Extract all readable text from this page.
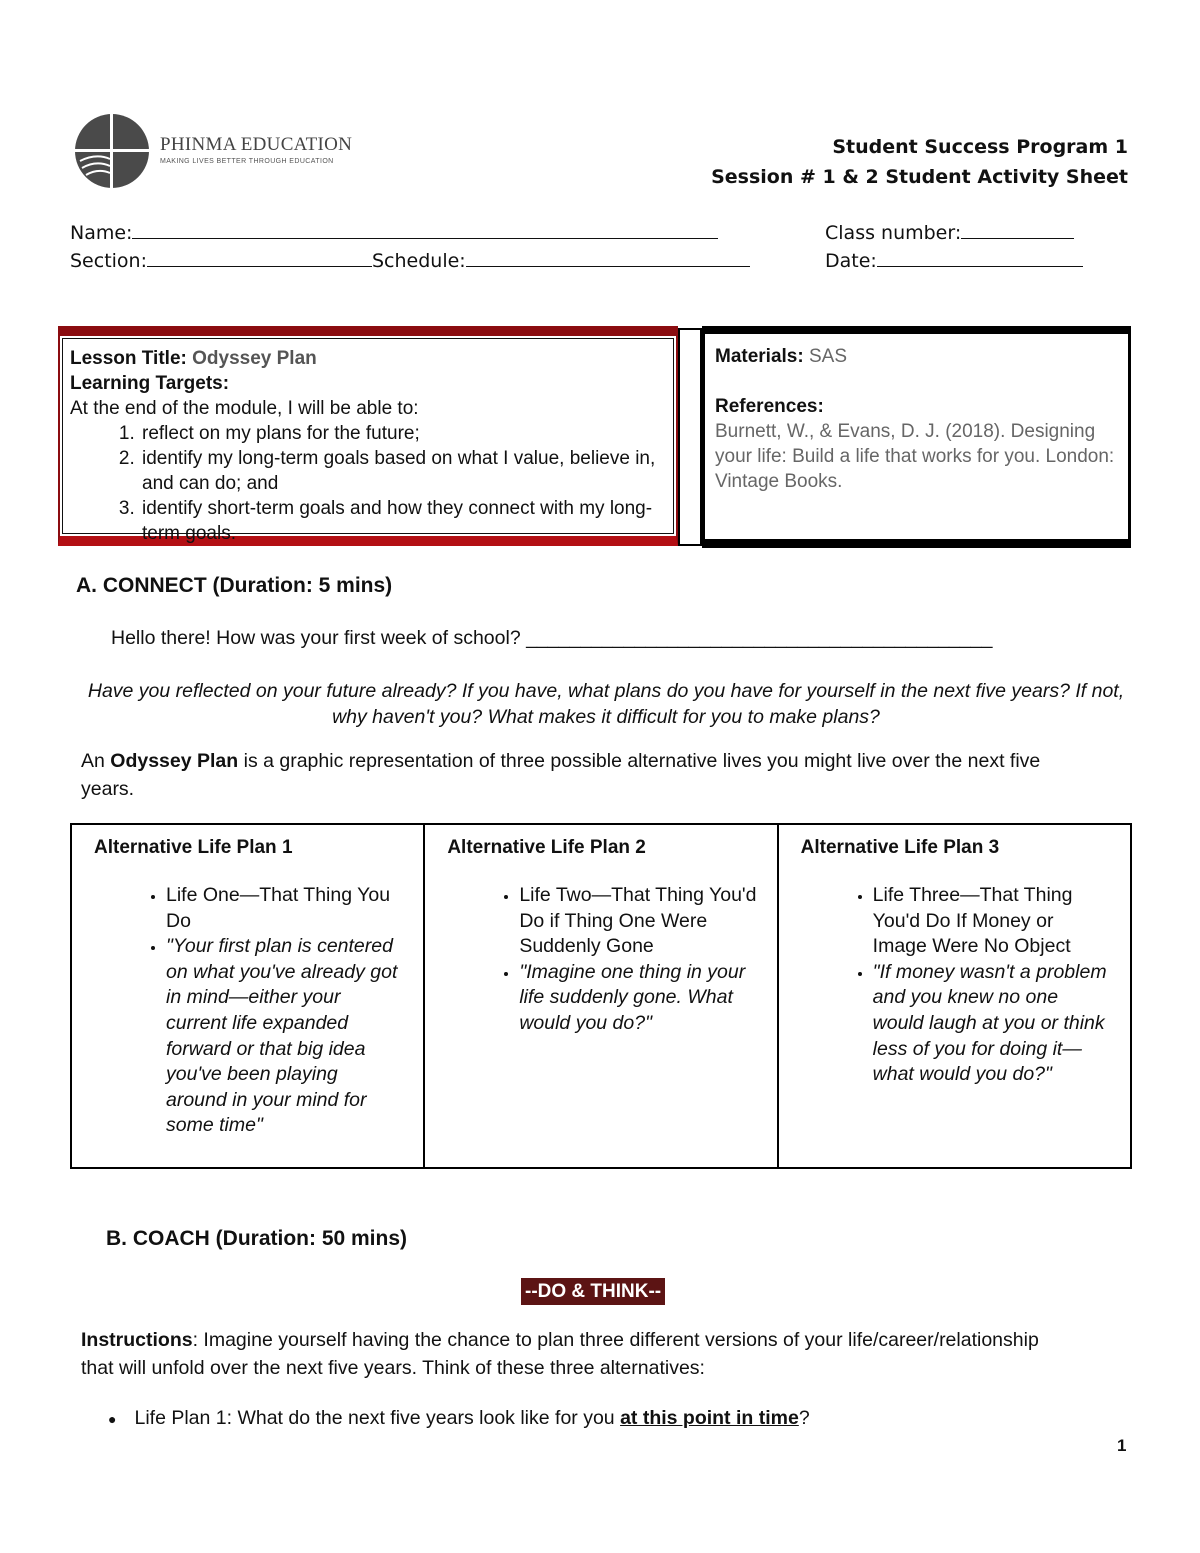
PHINMA EDUCATION
MAKING LIVES BETTER THROUGH EDUCATION
Student Success Program 1
Session # 1 & 2 Student Activity Sheet
Name:	Class number:
Section:	Schedule:	Date:
Lesson Title: Odyssey Plan
Learning Targets:
At the end of the module, I will be able to:
1. reflect on my plans for the future;
2. identify my long-term goals based on what I value, believe in, and can do; and
3. identify short-term goals and how they connect with my long-term goals.
Materials: SAS
References:
Burnett, W., & Evans, D. J. (2018). Designing your life: Build a life that works for you. London: Vintage Books.
A. CONNECT (Duration: 5 mins)
Hello there! How was your first week of school? ___________________________________________
Have you reflected on your future already? If you have, what plans do you have for yourself in the next five years? If not, why haven't you? What makes it difficult for you to make plans?
An Odyssey Plan is a graphic representation of three possible alternative lives you might live over the next five years.
Alternative Life Plan 1
• Life One—That Thing You Do
• "Your first plan is centered on what you've already got in mind—either your current life expanded forward or that big idea you've been playing around in your mind for some time"
Alternative Life Plan 2
• Life Two—That Thing You'd Do if Thing One Were Suddenly Gone
• "Imagine one thing in your life suddenly gone. What would you do?"
Alternative Life Plan 3
• Life Three—That Thing You'd Do If Money or Image Were No Object
• "If money wasn't a problem and you knew no one would laugh at you or think less of you for doing it—what would you do?"
B. COACH (Duration: 50 mins)
--DO & THINK--
Instructions: Imagine yourself having the chance to plan three different versions of your life/career/relationship that will unfold over the next five years. Think of these three alternatives:
● Life Plan 1: What do the next five years look like for you at this point in time?
1
